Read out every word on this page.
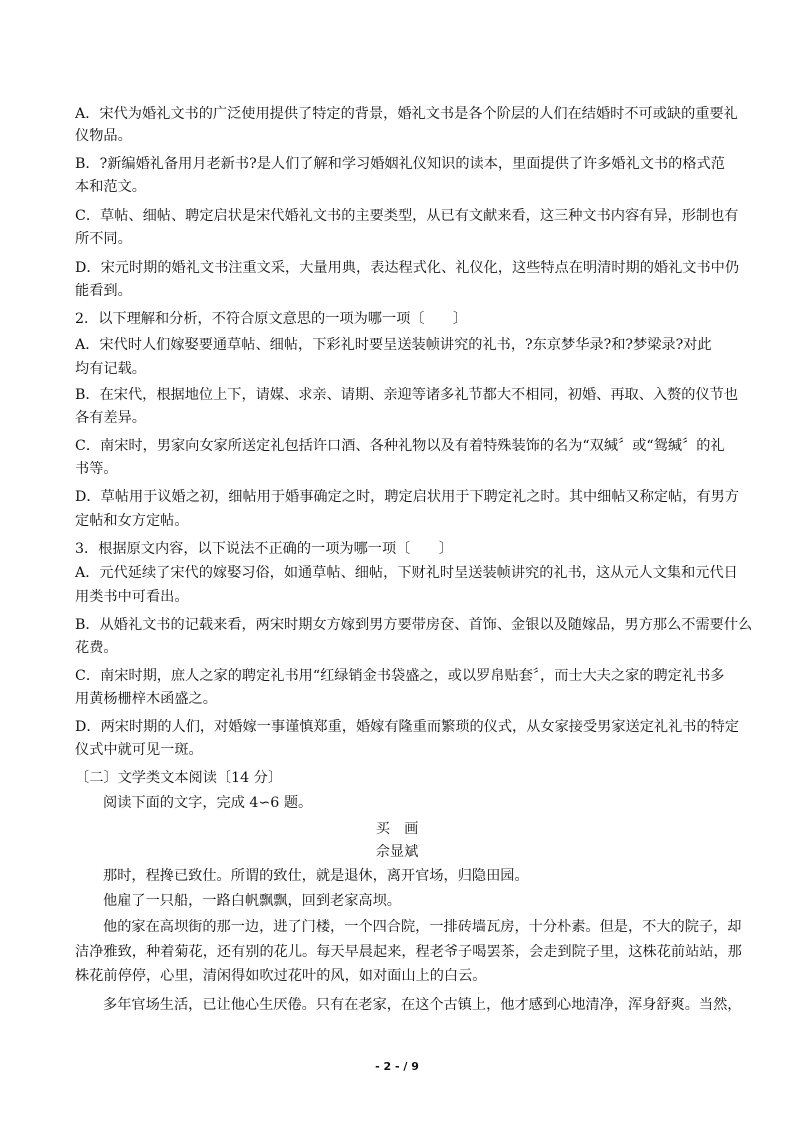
A．宋代为婚礼文书的广泛使用提供了特定的背景，婚礼文书是各个阶层的人们在结婚时不可或缺的重要礼
仪物品。
B．?新编婚礼备用月老新书?是人们了解和学习婚姻礼仪知识的读本，里面提供了许多婚礼文书的格式范
本和范文。
C．草帖、细帖、聘定启状是宋代婚礼文书的主要类型，从已有文献来看，这三种文书内容有异，形制也有
所不同。
D．宋元时期的婚礼文书注重文采，大量用典，表达程式化、礼仪化，这些特点在明清时期的婚礼文书中仍
能看到。
2．以下理解和分析，不符合原文意思的一项为哪一项〔　　〕
A．宋代时人们嫁娶要通草帖、细帖，下彩礼时要呈送装帧讲究的礼书，?东京梦华录?和?梦梁录?对此
均有记载。
B．在宋代，根据地位上下，请媒、求亲、请期、亲迎等诸多礼节都大不相同，初婚、再取、入赘的仪节也
各有差异。
C．南宋时，男家向女家所送定礼包括许口酒、各种礼物以及有着特殊装饰的名为“双缄〞或“鸳缄〞的礼
书等。
D．草帖用于议婚之初，细帖用于婚事确定之时，聘定启状用于下聘定礼之时。其中细帖又称定帖，有男方
定帖和女方定帖。
3．根据原文内容，以下说法不正确的一项为哪一项〔　　〕
A．元代延续了宋代的嫁娶习俗，如通草帖、细帖，下财礼时呈送装帧讲究的礼书，这从元人文集和元代日
用类书中可看出。
B．从婚礼文书的记载来看，两宋时期女方嫁到男方要带房奁、首饰、金银以及随嫁品，男方那么不需要什么
花费。
C．南宋时期，庶人之家的聘定礼书用“红绿销金书袋盛之，或以罗帛贴套〞，而士大夫之家的聘定礼书多
用黄杨栅梓木函盛之。
D．两宋时期的人们，对婚嫁一事谨慎郑重，婚嫁有隆重而繁琐的仪式，从女家接受男家送定礼礼书的特定
仪式中就可见一斑。
〔二〕文学类文本阅读〔14 分〕
阅读下面的文字，完成 4∽6 题。
买　画
佘显斌
那时，程搀已致仕。所谓的致仕，就是退休，离开官场，归隐田园。
他雇了一只船，一路白帆飘飘，回到老家高坝。
他的家在高坝街的那一边，进了门楼，一个四合院，一排砖墙瓦房，十分朴素。但是，不大的院子，却
洁净雅致，种着菊花，还有别的花儿。每天早晨起来，程老爷子喝罢茶，会走到院子里，这株花前站站，那
株花前停停，心里，清闲得如吹过花叶的风，如对面山上的白云。
多年官场生活，已让他心生厌倦。只有在老家，在这个古镇上，他才感到心地清净，浑身舒爽。当然，
- 2 - / 9
